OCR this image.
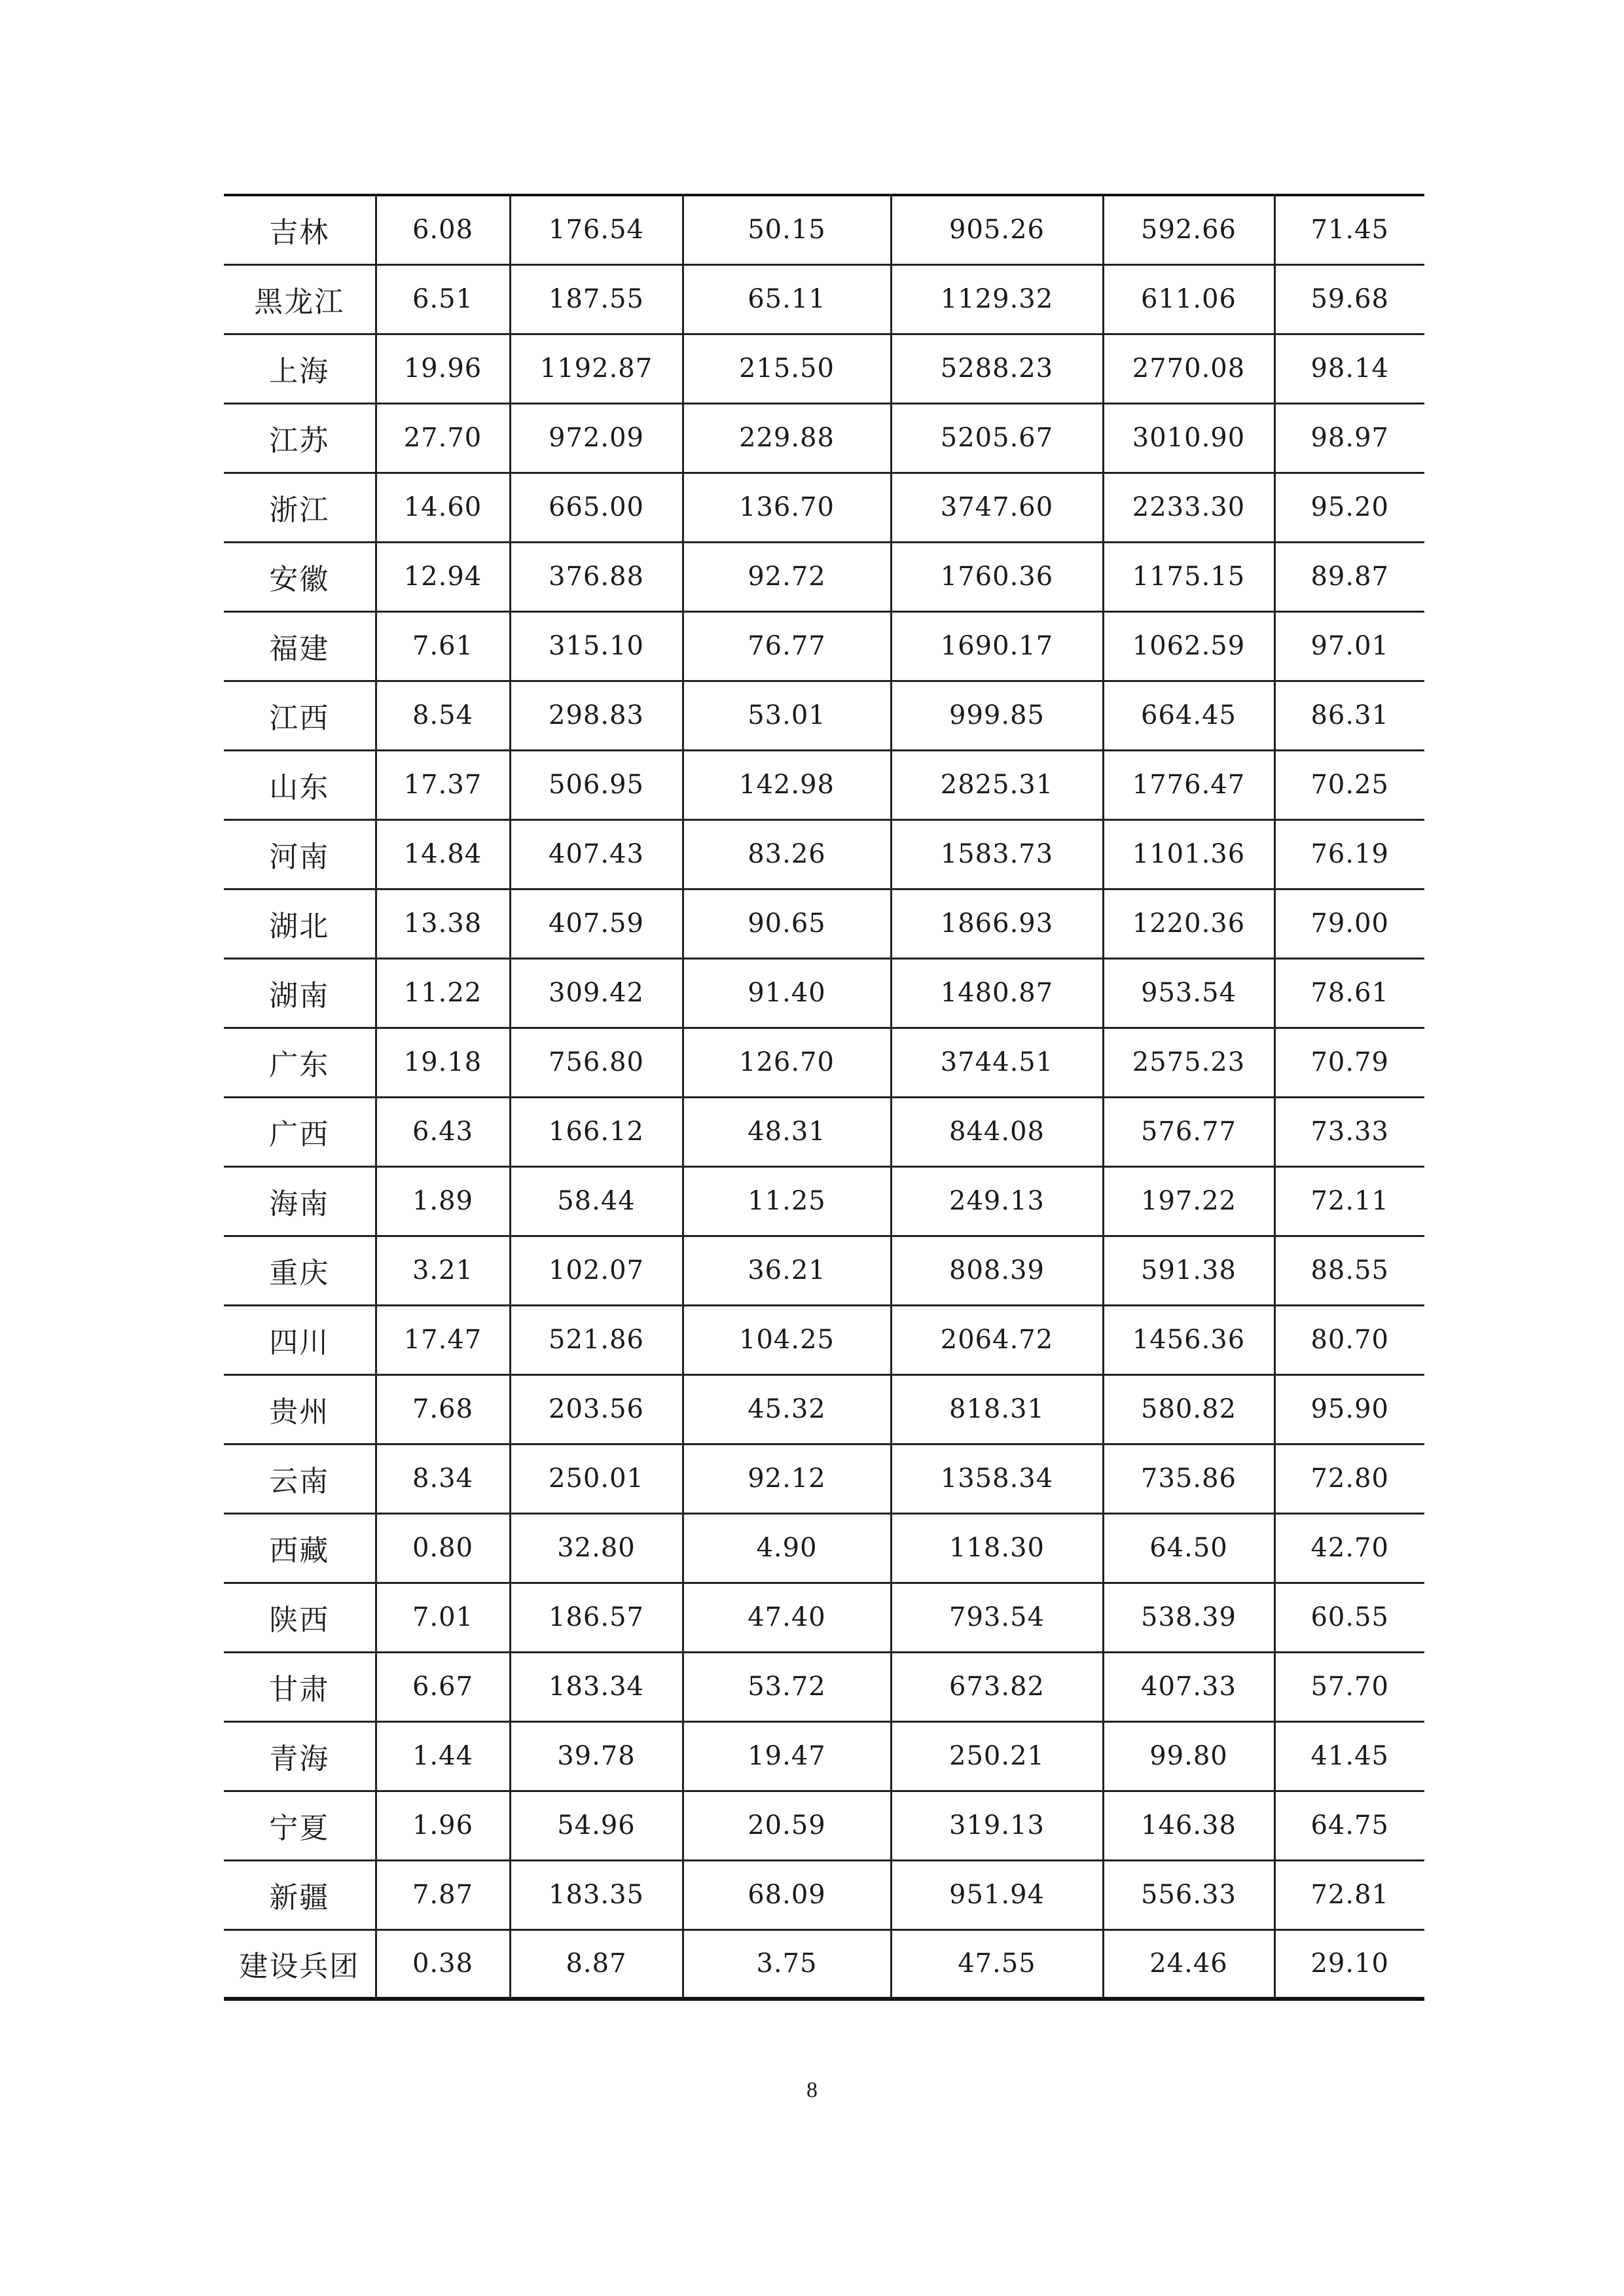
吉林	6.08	176.54	50.15	905.26	592.66	71.45
黑龙江	6.51	187.55	65.11	1129.32	611.06	59.68
上海	19.96	1192.87	215.50	5288.23	2770.08	98.14
江苏	27.70	972.09	229.88	5205.67	3010.90	98.97
浙江	14.60	665.00	136.70	3747.60	2233.30	95.20
安徽	12.94	376.88	92.72	1760.36	1175.15	89.87
福建	7.61	315.10	76.77	1690.17	1062.59	97.01
江西	8.54	298.83	53.01	999.85	664.45	86.31
山东	17.37	506.95	142.98	2825.31	1776.47	70.25
河南	14.84	407.43	83.26	1583.73	1101.36	76.19
湖北	13.38	407.59	90.65	1866.93	1220.36	79.00
湖南	11.22	309.42	91.40	1480.87	953.54	78.61
广东	19.18	756.80	126.70	3744.51	2575.23	70.79
广西	6.43	166.12	48.31	844.08	576.77	73.33
海南	1.89	58.44	11.25	249.13	197.22	72.11
重庆	3.21	102.07	36.21	808.39	591.38	88.55
四川	17.47	521.86	104.25	2064.72	1456.36	80.70
贵州	7.68	203.56	45.32	818.31	580.82	95.90
云南	8.34	250.01	92.12	1358.34	735.86	72.80
西藏	0.80	32.80	4.90	118.30	64.50	42.70
陕西	7.01	186.57	47.40	793.54	538.39	60.55
甘肃	6.67	183.34	53.72	673.82	407.33	57.70
青海	1.44	39.78	19.47	250.21	99.80	41.45
宁夏	1.96	54.96	20.59	319.13	146.38	64.75
新疆	7.87	183.35	68.09	951.94	556.33	72.81
建设兵团	0.38	8.87	3.75	47.55	24.46	29.10
8
